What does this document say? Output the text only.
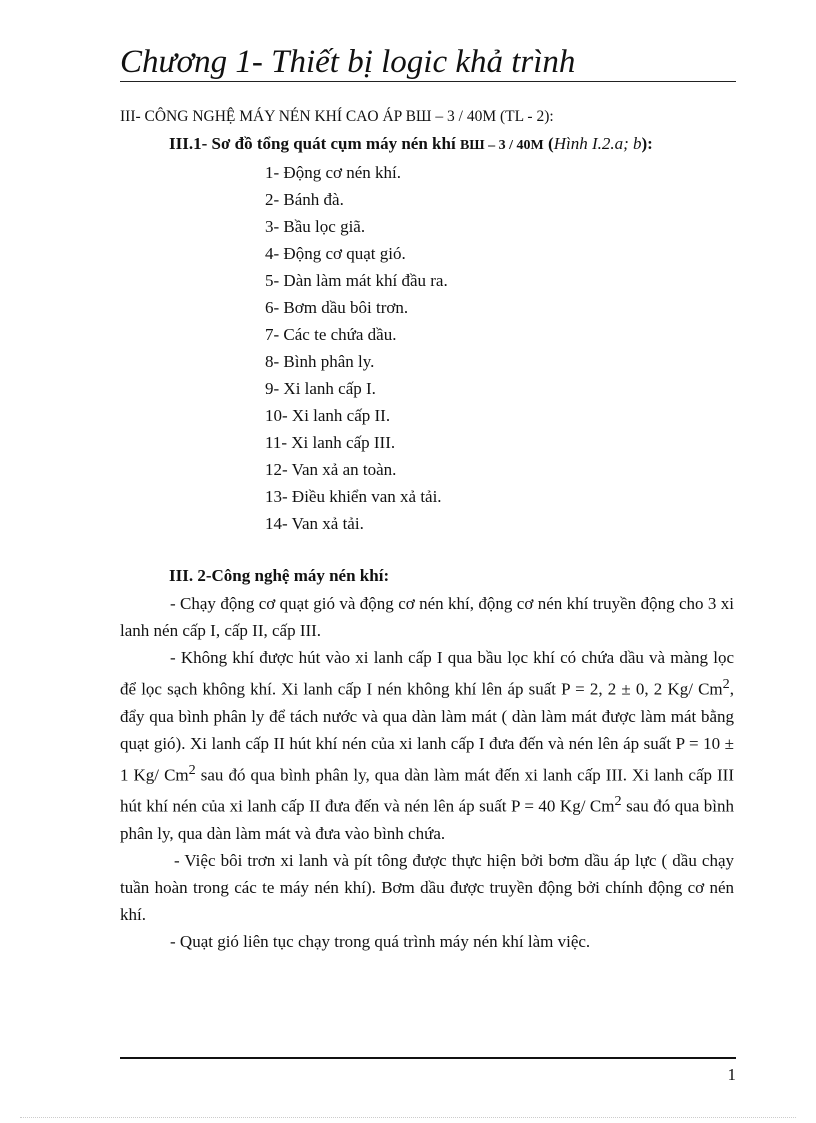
Chương 1- Thiết bị logic khả trình
III- CÔNG NGHỆ MÁY NÉN KHÍ CAO ÁP BШ – 3 / 40M (TL - 2):
III.1- Sơ đồ tổng quát cụm máy nén khí BШ – 3 / 40M (Hình I.2.a; b):
1- Động cơ nén khí.
2- Bánh đà.
3- Bầu lọc giã.
4- Động cơ quạt gió.
5- Dàn làm mát khí đầu ra.
6- Bơm dầu bôi trơn.
7- Các te chứa dầu.
8- Bình phân ly.
9- Xi lanh cấp I.
10- Xi lanh cấp II.
11- Xi lanh cấp III.
12- Van xả an toàn.
13- Điều khiển van xả tải.
14- Van xả tải.
III. 2-Công nghệ máy nén khí:

- Chạy động cơ quạt gió và động cơ nén khí, động cơ nén khí truyền động cho 3 xi lanh nén cấp I, cấp II, cấp III.

- Không khí được hút vào xi lanh cấp I qua bầu lọc khí có chứa dầu và màng lọc để lọc sạch không khí. Xi lanh cấp I nén không khí lên áp suất P = 2, 2 ± 0, 2 Kg/ Cm$^2$, đẩy qua bình phân ly để tách nước và qua dàn làm mát ( dàn làm mát được làm mát bằng quạt gió). Xi lanh cấp II hút khí nén của xi lanh cấp I đưa đến và nén lên áp suất P = 10 ± 1 Kg/ Cm$^2$ sau đó qua bình phân ly, qua dàn làm mát đến xi lanh cấp III. Xi lanh cấp III hút khí nén của xi lanh cấp II đưa đến và nén lên áp suất P = 40 Kg/ Cm$^2$ sau đó qua bình phân ly, qua dàn làm mát và đưa vào bình chứa.

- Việc bôi trơn xi lanh và pít tông được thực hiện bởi bơm dầu áp lực ( dầu chạy tuần hoàn trong các te máy nén khí). Bơm dầu được truyền động bởi chính động cơ nén khí.

- Quạt gió liên tục chạy trong quá trình máy nén khí làm việc.

1
